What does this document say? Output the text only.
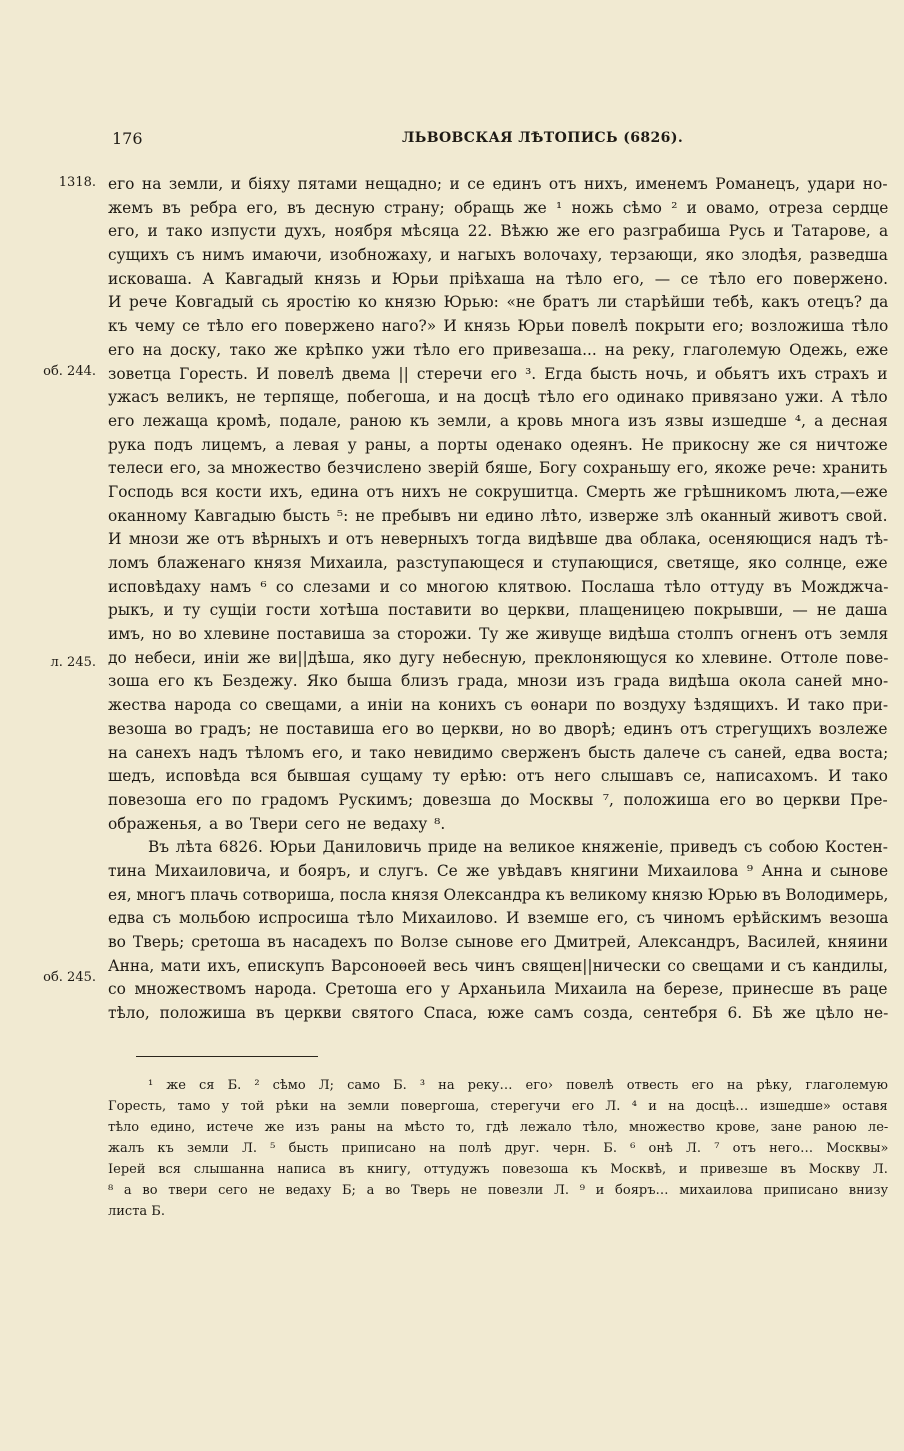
176	ЛЬВОВСКАЯ ЛѢТОПИСЬ (6826).
1318.
об. 244.
л. 245.
об. 245.
его на земли, и біяху пятами нещадно; и се единъ отъ нихъ, именемъ Романецъ, удари но-
жемъ въ ребра его, въ десную страну; обращь же ¹ ножь сѣмо ² и овамо, отреза сердце
его, и тако изпусти духъ, ноября мѣсяца 22. Вѣжю же его разграбиша Русь и Татарове, а
сущихъ съ нимъ имаючи, изобножаху, и нагыхъ волочаху, терзающи, яко злодѣя, разведша
исковаша. А Кавгадый князь и Юрьи пріѣхаша на тѣло его, — се тѣло его повержено.
И рече Ковгадый сь яростію ко князю Юрью: «не братъ ли старѣйши тебѣ, какъ отецъ? да
къ чему се тѣло его повержено наго?» И князь Юрьи повелѣ покрыти его; возложиша тѣло
его на доску, тако же крѣпко ужи тѣло его привезаша... на реку, глаголемую Одежь, еже
зоветца Горесть. И повелѣ двема || стеречи его ³. Егда бысть ночь, и обьятъ ихъ страхъ и
ужасъ великъ, не терпяще, побегоша, и на досцѣ тѣло его одинако привязано ужи. А тѣло
его лежаща кромѣ, подале, раною къ земли, а кровь многа изъ язвы изшедше ⁴, а десная
рука подъ лицемъ, а левая у раны, а порты оденако одеянъ. Не прикосну же ся ничтоже
телеси его, за множество безчислено зверій бяше, Богу сохраньшу его, якоже рече: хранить
Господь вся кости ихъ, едина отъ нихъ не сокрушитца. Смерть же грѣшникомъ люта,—еже
оканному Кавгадыю бысть ⁵: не пребывъ ни едино лѣто, изверже злѣ оканный животъ свой.
И мнози же отъ вѣрныхъ и отъ неверныхъ тогда видѣвше два облака, осеняющися надъ тѣ-
ломъ блаженаго князя Михаила, разступающеся и ступающися, светяще, яко солнце, еже
исповѣдаху намъ ⁶ со слезами и со многою клятвою. Послаша тѣло оттуду въ Можджча-
рыкъ, и ту сущіи гости хотѣша поставити во церкви, плащеницею покрывши, — не даша
имъ, но во хлевине поставиша за сторожи. Ту же живуще видѣша столпъ огненъ отъ земля
до небеси, иніи же ви||дѣша, яко дугу небесную, преклоняющуся ко хлевине. Оттоле пове-
зоша его къ Бездежу. Яко быша близъ града, мнози изъ града видѣша окола саней мно-
жества народа со свещами, а иніи на конихъ съ ѳонари по воздуху ѣздящихъ. И тако при-
везоша во градъ; не поставиша его во церкви, но во дворѣ; единъ отъ стрегущихъ возлеже
на санехъ надъ тѣломъ его, и тако невидимо сверженъ бысть далече съ саней, едва воста;
шедъ, исповѣда вся бывшая сущаму ту ерѣю: отъ него слышавъ се, написахомъ. И тако
повезоша его по градомъ Рускимъ; довезша до Москвы ⁷, положиша его во церкви Пре-
ображенья, а во Твери сего не ведаху ⁸.
Въ лѣта 6826. Юрьи Даниловичь приде на великое княженіе, приведъ съ собою Костен-
тина Михаиловича, и бояръ, и слугъ. Се же увѣдавъ княгини Михаилова ⁹ Анна и сынове
ея, многъ плачь сотвориша, посла князя Олександра къ великому князю Юрью въ Володимерь,
едва съ мольбою испросиша тѣло Михаилово. И вземше его, съ чиномъ ерѣйскимъ везоша
во Тверь; сретоша въ насадехъ по Волзе сынове его Дмитрей, Александръ, Василей, княини
Анна, мати ихъ, епискупъ Варсоноѳей весь чинъ священ||нически со свещами и съ кандилы,
со множествомъ народа. Сретоша его у Арханьила Михаила на березе, принесше въ раце
тѣло, положиша въ церкви святого Спаса, юже самъ созда, сентебря 6. Бѣ же цѣло не-
¹ же ся Б. ² сѣмо Л; само Б. ³ на реку… его› повелѣ отвесть его на рѣку, глаголемую
Горесть, тамо у той рѣки на земли повергоша, стерегучи его Л. ⁴ и на досцѣ… изшедше» оставя
тѣло едино, истече же изъ раны на мѣсто то, гдѣ лежало тѣло, множество крове, зане раною ле-
жалъ къ земли Л. ⁵ бысть приписано на полѣ друг. черн. Б. ⁶ онѣ Л. ⁷ отъ него… Москвы»
Іерей вся слышанна написа въ книгу, оттудужъ повезоша къ Москвѣ, и привезше въ Москву Л.
⁸ а во твери сего не ведаху Б; а во Тверь не повезли Л. ⁹ и бояръ… михаилова приписано внизу
листа Б.
